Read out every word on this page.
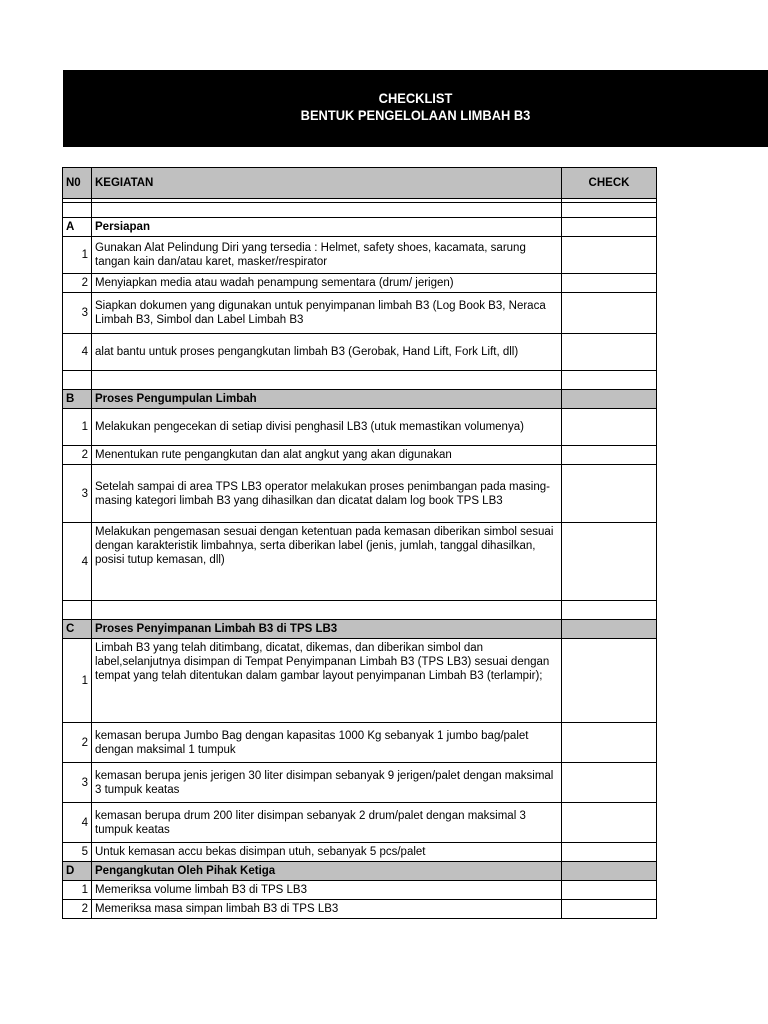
CHECKLIST
BENTUK PENGELOLAAN LIMBAH B3
N0	KEGIATAN	CHECK

A	Persiapan	
1	Gunakan Alat Pelindung Diri yang tersedia : Helmet, safety shoes, kacamata, sarung tangan kain dan/atau karet, masker/respirator	
2	Menyiapkan media atau wadah penampung sementara (drum/ jerigen)	
3	Siapkan dokumen yang digunakan untuk penyimpanan limbah B3 (Log Book B3, Neraca Limbah B3, Simbol dan Label Limbah B3	
4	alat bantu untuk proses pengangkutan limbah B3 (Gerobak, Hand Lift, Fork Lift, dll)	

B	Proses Pengumpulan Limbah	
1	Melakukan pengecekan di setiap divisi penghasil LB3 (utuk memastikan volumenya)	
2	Menentukan rute pengangkutan dan alat angkut yang akan digunakan	
3	Setelah sampai di area TPS LB3 operator melakukan proses penimbangan pada masing-masing kategori limbah B3 yang dihasilkan dan dicatat dalam log book TPS LB3	
4	Melakukan pengemasan sesuai dengan ketentuan pada kemasan diberikan simbol sesuai dengan karakteristik limbahnya, serta diberikan label (jenis, jumlah, tanggal dihasilkan, posisi tutup kemasan, dll)	

C	Proses Penyimpanan Limbah B3 di TPS LB3	
1	Limbah B3 yang telah ditimbang, dicatat, dikemas, dan diberikan simbol dan label,selanjutnya disimpan di Tempat Penyimpanan Limbah B3 (TPS LB3) sesuai dengan tempat yang telah ditentukan dalam gambar layout penyimpanan Limbah B3 (terlampir);	
2	kemasan berupa Jumbo Bag dengan kapasitas 1000 Kg sebanyak 1 jumbo bag/palet dengan maksimal 1 tumpuk	
3	kemasan berupa jenis jerigen 30 liter disimpan sebanyak 9 jerigen/palet dengan maksimal 3 tumpuk keatas	
4	kemasan berupa drum 200 liter disimpan sebanyak 2 drum/palet dengan maksimal 3 tumpuk keatas	
5	Untuk kemasan accu bekas disimpan utuh, sebanyak 5 pcs/palet	
D	Pengangkutan Oleh Pihak Ketiga	
1	Memeriksa volume limbah B3 di TPS LB3	
2	Memeriksa masa simpan limbah B3 di TPS LB3	
